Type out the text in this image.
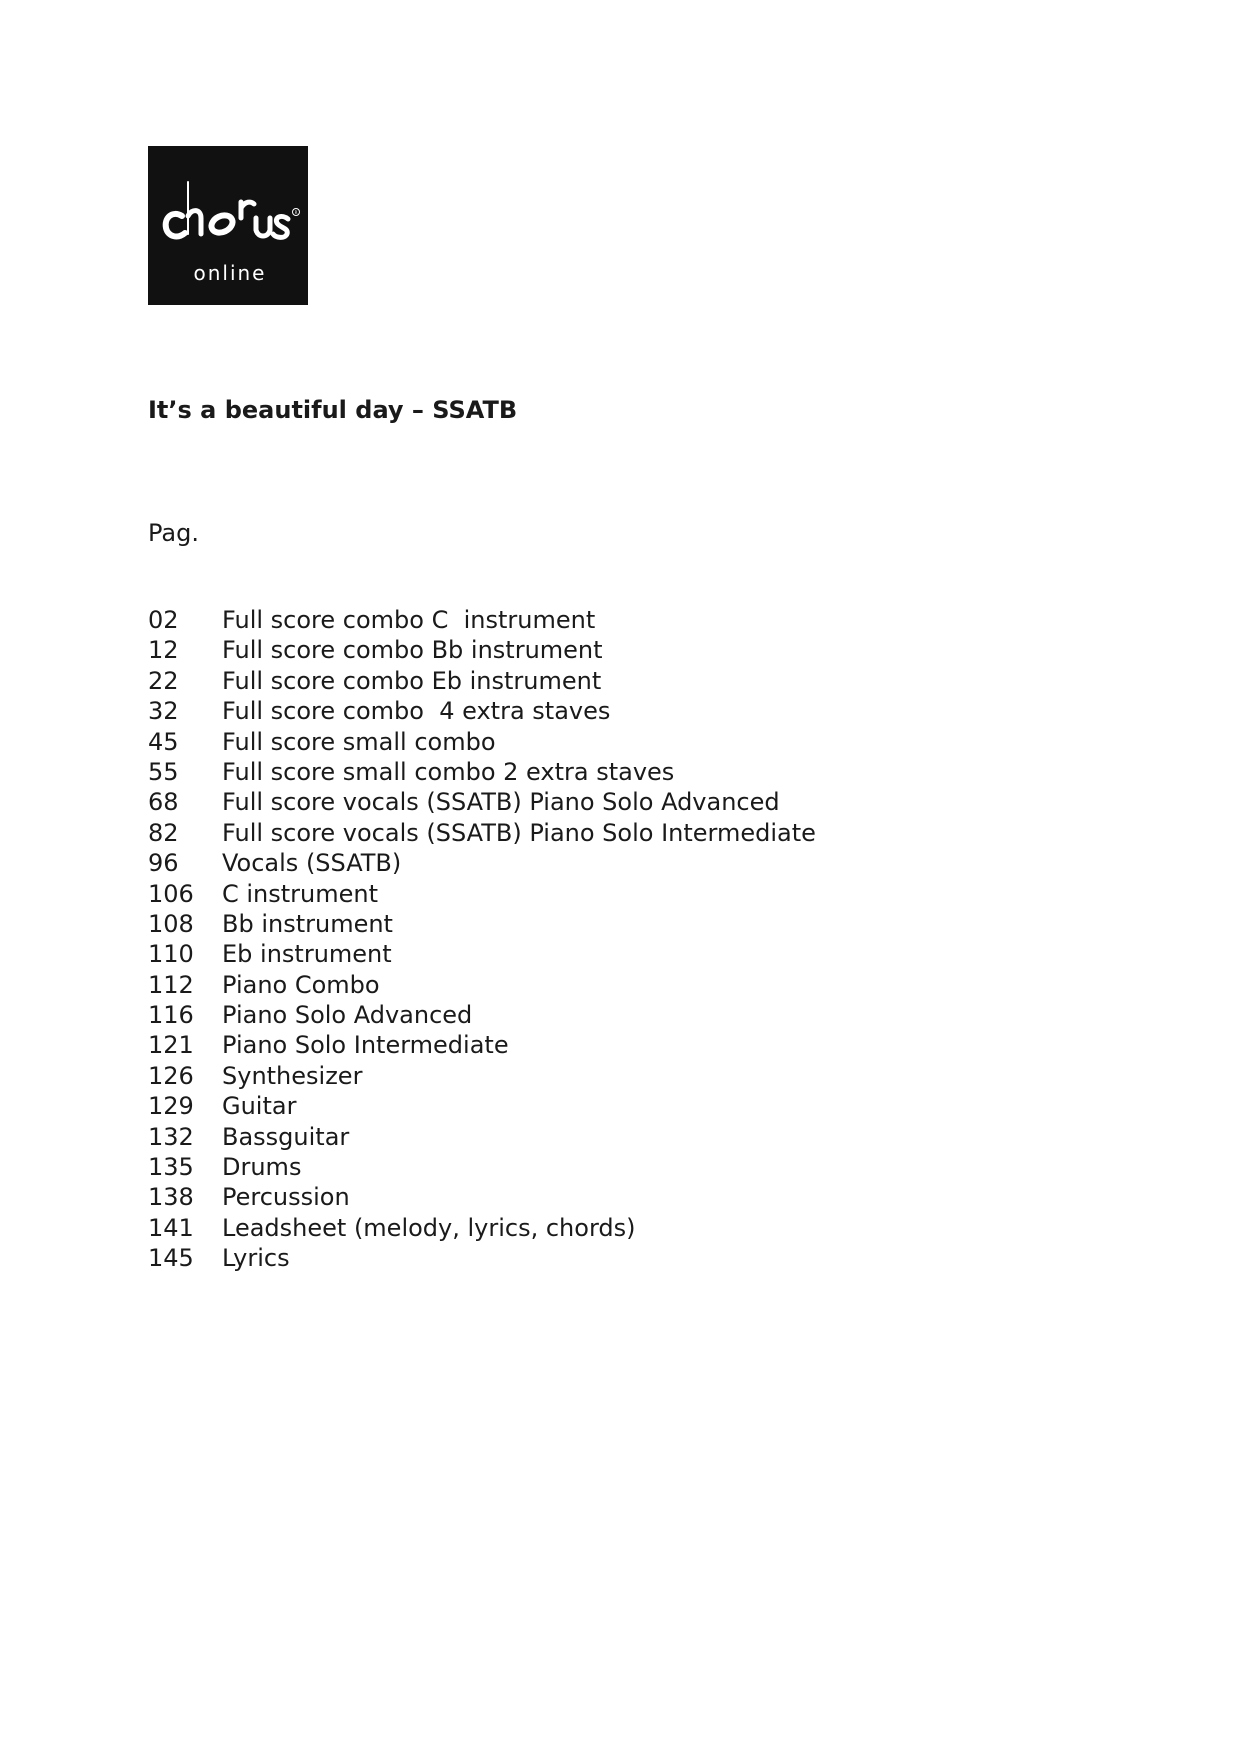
R
online
It’s a beautiful day – SSATB
Pag.
02 Full score combo C  instrument
12 Full score combo Bb instrument
22 Full score combo Eb instrument
32 Full score combo  4 extra staves
45 Full score small combo
55 Full score small combo 2 extra staves
68 Full score vocals (SSATB) Piano Solo Advanced
82 Full score vocals (SSATB) Piano Solo Intermediate
96 Vocals (SSATB)
106 C instrument
108 Bb instrument
110 Eb instrument
112 Piano Combo
116 Piano Solo Advanced
121 Piano Solo Intermediate
126 Synthesizer
129 Guitar
132 Bassguitar
135 Drums
138 Percussion
141 Leadsheet (melody, lyrics, chords)
145 Lyrics
